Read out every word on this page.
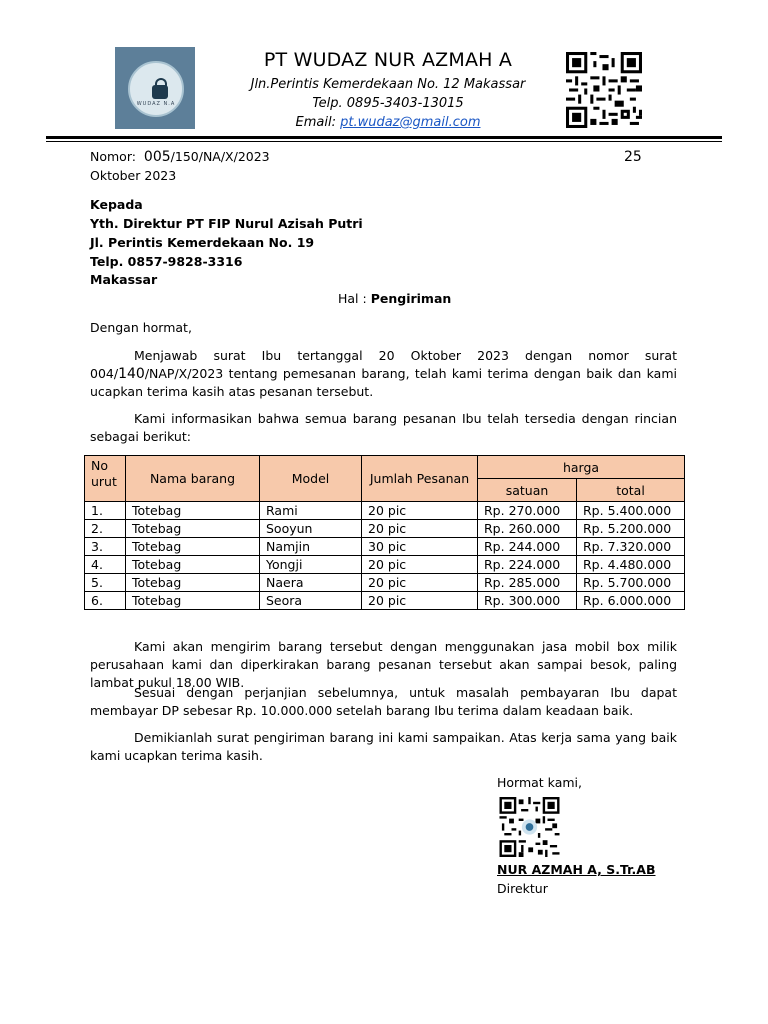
WUDAZ N.A
PT WUDAZ NUR AZMAH A
Jln.Perintis Kemerdekaan No. 12 Makassar
Telp. 0895-3403-13015
Email: pt.wudaz@gmail.com
Nomor: 005/150/NA/X/2023	25
Oktober 2023
Kepada
Yth. Direktur PT FIP Nurul Azisah Putri
Jl. Perintis Kemerdekaan No. 19
Telp. 0857-9828-3316
Makassar
Hal : Pengiriman
Dengan hormat,
Menjawab surat Ibu tertanggal 20 Oktober 2023 dengan nomor surat 004/140/NAP/X/2023 tentang pemesanan barang, telah kami terima dengan baik dan kami ucapkan terima kasih atas pesanan tersebut.
Kami informasikan bahwa semua barang pesanan Ibu telah tersedia dengan rincian sebagai berikut:
No
urut	Nama barang	Model	Jumlah Pesanan	harga	
				satuan	total
1.	Totebag	Rami	20 pic	Rp. 270.000	Rp. 5.400.000
2.	Totebag	Sooyun	20 pic	Rp. 260.000	Rp. 5.200.000
3.	Totebag	Namjin	30 pic	Rp. 244.000	Rp. 7.320.000
4.	Totebag	Yongji	20 pic	Rp. 224.000	Rp. 4.480.000
5.	Totebag	Naera	20 pic	Rp. 285.000	Rp. 5.700.000
6.	Totebag	Seora	20 pic	Rp. 300.000	Rp. 6.000.000
Kami akan mengirim barang tersebut dengan menggunakan jasa mobil box milik perusahaan kami dan diperkirakan barang pesanan tersebut akan sampai besok, paling lambat pukul 18.00 WIB.
Sesuai dengan perjanjian sebelumnya, untuk masalah pembayaran Ibu dapat membayar DP sebesar Rp. 10.000.000 setelah barang Ibu terima dalam keadaan baik.
Demikianlah surat pengiriman barang ini kami sampaikan. Atas kerja sama yang baik kami ucapkan terima kasih.
Hormat kami,
NUR AZMAH A, S.Tr.AB
Direktur
